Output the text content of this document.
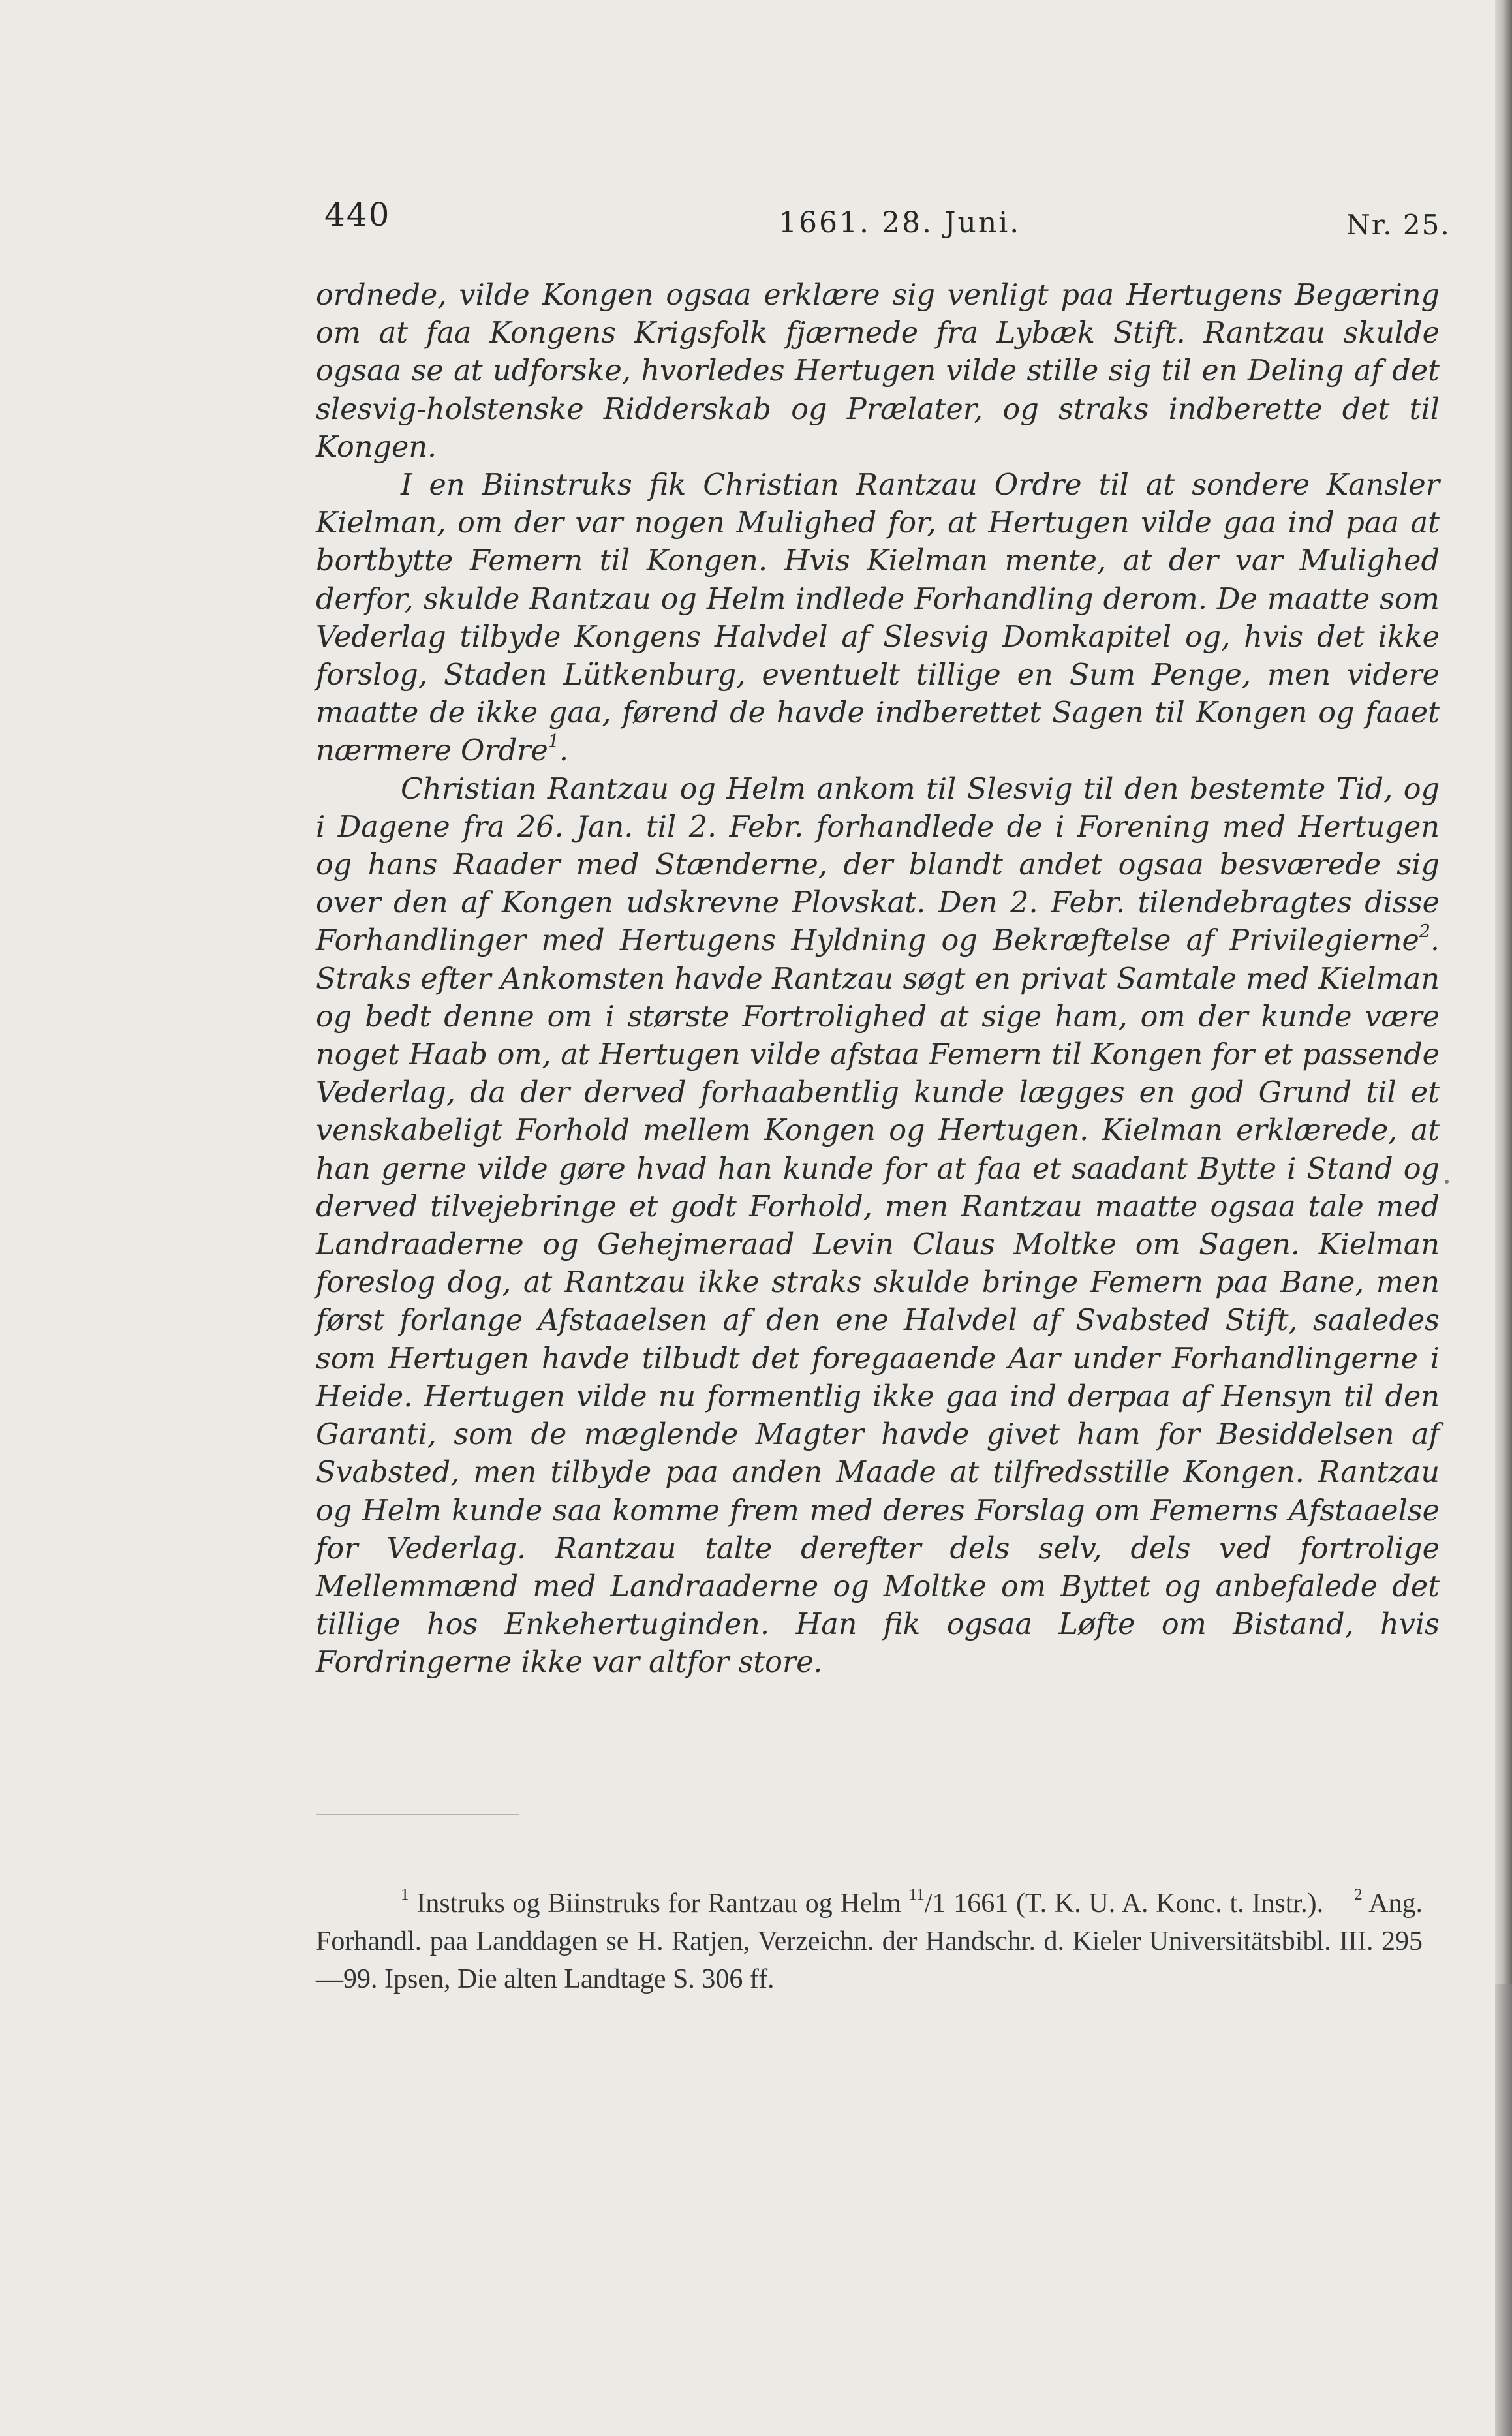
440	1661. 28. Juni.	Nr. 25.

ordnede, vilde Kongen ogsaa erklære sig venligt paa Hertugens Begæring om at faa Kongens Krigsfolk fjærnede fra Lybæk Stift. Rantzau skulde ogsaa se at udforske, hvorledes Hertugen vilde stille sig til en Deling af det slesvig-holstenske Ridderskab og Prælater, og straks indberette det til Kongen.

I en Biinstruks fik Christian Rantzau Ordre til at sondere Kansler Kielman, om der var nogen Mulighed for, at Hertugen vilde gaa ind paa at bortbytte Femern til Kongen. Hvis Kielman mente, at der var Mulighed derfor, skulde Rantzau og Helm indlede Forhandling derom. De maatte som Vederlag tilbyde Kongens Halvdel af Slesvig Domkapitel og, hvis det ikke forslog, Staden Lütkenburg, eventuelt tillige en Sum Penge, men videre maatte de ikke gaa, førend de havde indberettet Sagen til Kongen og faaet nærmere Ordre$^1$.

Christian Rantzau og Helm ankom til Slesvig til den bestemte Tid, og i Dagene fra 26. Jan. til 2. Febr. forhandlede de i Forening med Hertugen og hans Raader med Stænderne, der blandt andet ogsaa besværede sig over den af Kongen udskrevne Plovskat. Den 2. Febr. tilendebragtes disse Forhandlinger med Hertugens Hyldning og Bekræftelse af Privilegierne$^2$. Straks efter Ankomsten havde Rantzau søgt en privat Samtale med Kielman og bedt denne om i største Fortrolighed at sige ham, om der kunde være noget Haab om, at Hertugen vilde afstaa Femern til Kongen for et passende Vederlag, da der derved forhaabentlig kunde lægges en god Grund til et venskabeligt Forhold mellem Kongen og Hertugen. Kielman erklærede, at han gerne vilde gøre hvad han kunde for at faa et saadant Bytte i Stand og derved tilvejebringe et godt Forhold, men Rantzau maatte ogsaa tale med Landraaderne og Gehejmeraad Levin Claus Moltke om Sagen. Kielman foreslog dog, at Rantzau ikke straks skulde bringe Femern paa Bane, men først forlange Afstaaelsen af den ene Halvdel af Svabsted Stift, saaledes som Hertugen havde tilbudt det foregaaende Aar under Forhandlingerne i Heide. Hertugen vilde nu formentlig ikke gaa ind derpaa af Hensyn til den Garanti, som de mæglende Magter havde givet ham for Besiddelsen af Svabsted, men tilbyde paa anden Maade at tilfredsstille Kongen. Rantzau og Helm kunde saa komme frem med deres Forslag om Femerns Afstaaelse for Vederlag. Rantzau talte derefter dels selv, dels ved fortrolige Mellemmænd med Landraaderne og Moltke om Byttet og anbefalede det tillige hos Enkehertuginden. Han fik ogsaa Løfte om Bistand, hvis Fordringerne ikke var altfor store.

$^1$ Instruks og Biinstruks for Rantzau og Helm $^{11}$/1 1661 (T. K. U. A. Konc. t. Instr.). $^2$ Ang. Forhandl. paa Landdagen se H. Ratjen, Verzeichn. der Handschr. d. Kieler Universitätsbibl. III. 295—99. Ipsen, Die alten Landtage S. 306 ff.
